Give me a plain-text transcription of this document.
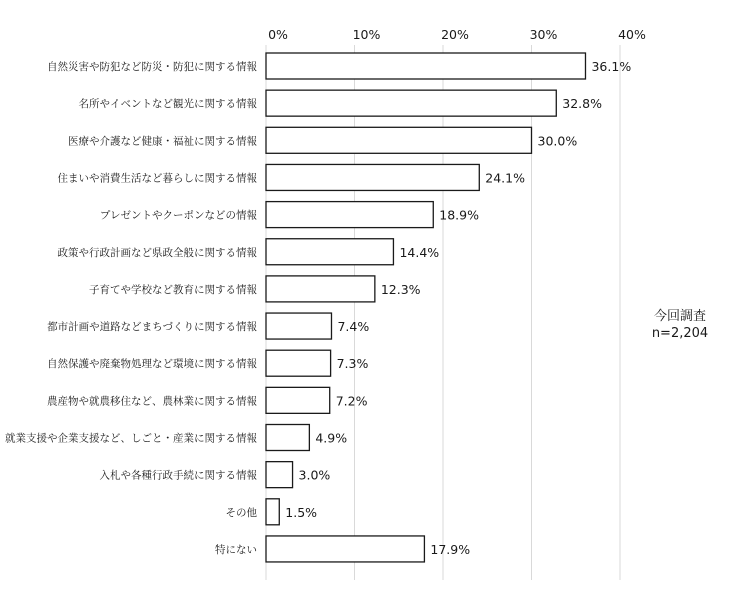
0%	10%	20%	30%	40%
自然災害や防犯など防災・防犯に関する情報
名所やイベントなど観光に関する情報
医療や介護など健康・福祉に関する情報
住まいや消費生活など暮らしに関する情報
プレゼントやクーポンなどの情報
政策や行政計画など県政全般に関する情報
子育てや学校など教育に関する情報
都市計画や道路などまちづくりに関する情報
自然保護や廃棄物処理など環境に関する情報
農産物や就農移住など、農林業に関する情報
就業支援や企業支援など、しごと・産業に関する情報
入札や各種行政手続に関する情報
その他
特にない
36.1%
32.8%
30.0%
24.1%
18.9%
14.4%
12.3%
7.4%
7.3%
7.2%
4.9%
3.0%
1.5%
17.9%
今回調査
n=2,204
